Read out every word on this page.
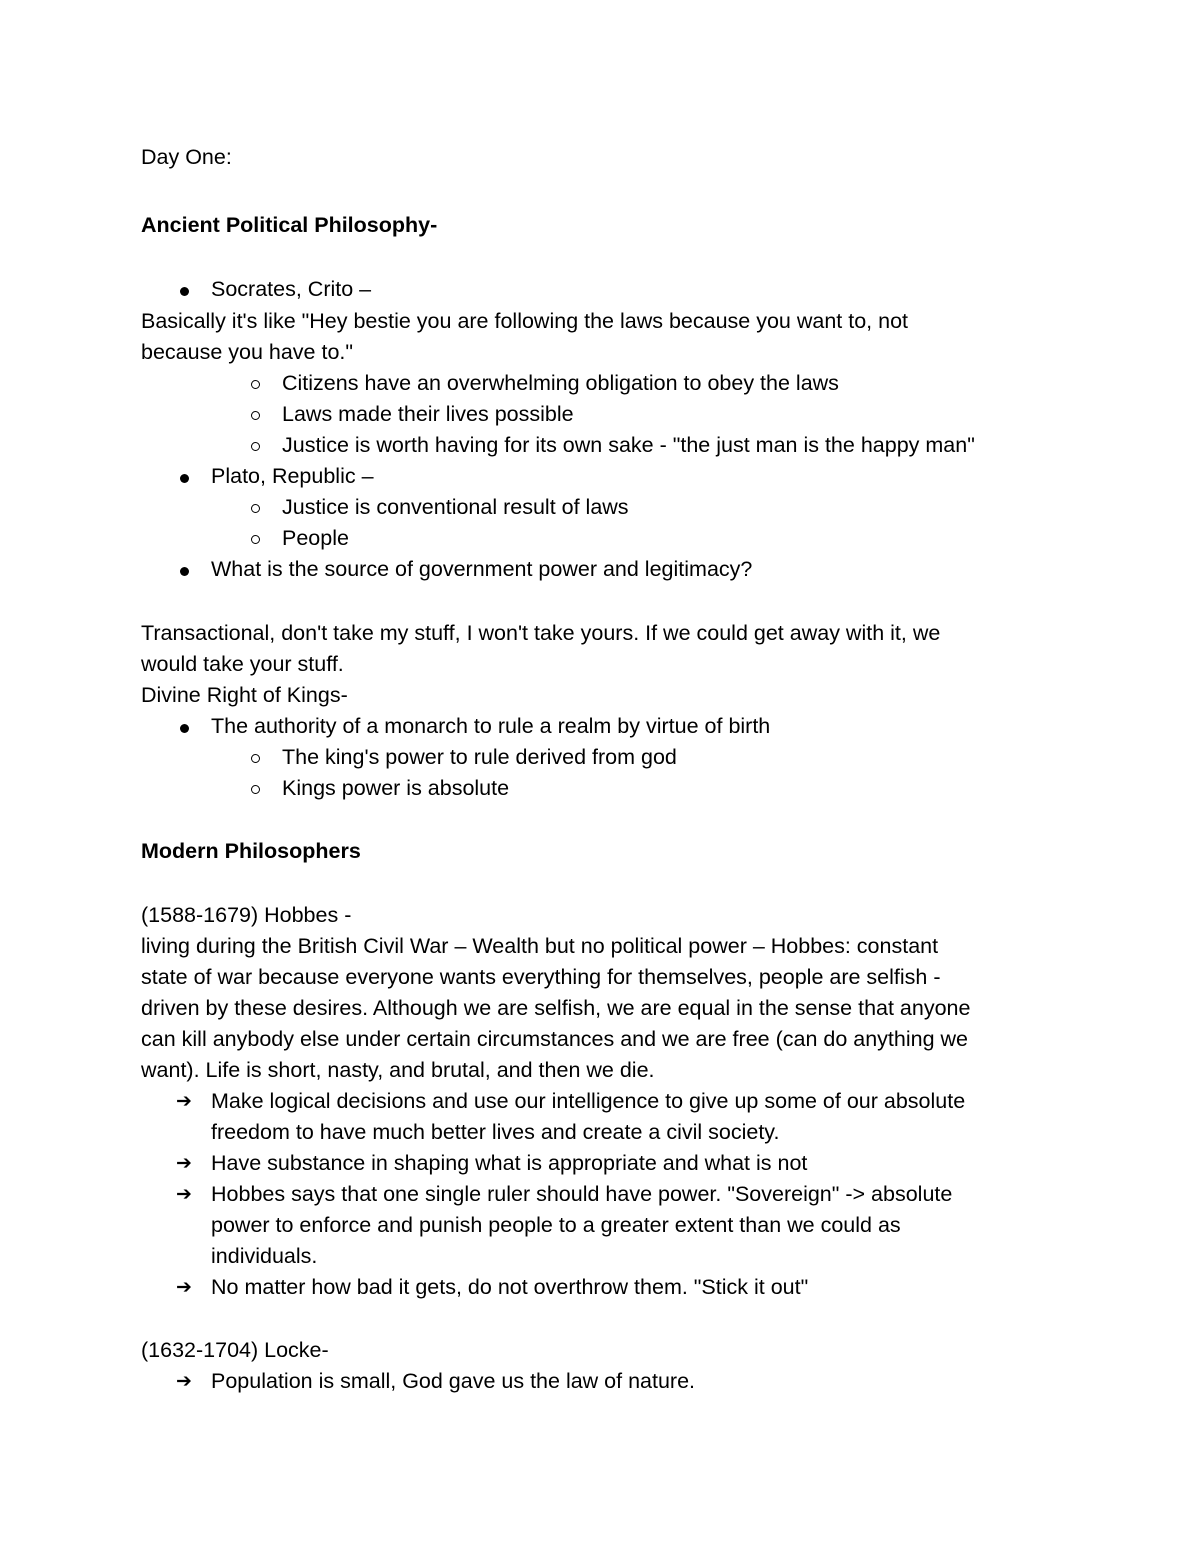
Day One:
Ancient Political Philosophy-
Socrates, Crito –
Basically it's like "Hey bestie you are following the laws because you want to, not
because you have to."
Citizens have an overwhelming obligation to obey the laws
Laws made their lives possible
Justice is worth having for its own sake - "the just man is the happy man"
Plato, Republic –
Justice is conventional result of laws
People
What is the source of government power and legitimacy?
Transactional, don't take my stuff, I won't take yours. If we could get away with it, we
would take your stuff.
Divine Right of Kings-
The authority of a monarch to rule a realm by virtue of birth
The king's power to rule derived from god
Kings power is absolute
Modern Philosophers
(1588-1679) Hobbes -
living during the British Civil War – Wealth but no political power – Hobbes: constant
state of war because everyone wants everything for themselves, people are selfish -
driven by these desires. Although we are selfish, we are equal in the sense that anyone
can kill anybody else under certain circumstances and we are free (can do anything we
want). Life is short, nasty, and brutal, and then we die.
➔ Make logical decisions and use our intelligence to give up some of our absolute
freedom to have much better lives and create a civil society.
➔ Have substance in shaping what is appropriate and what is not
➔ Hobbes says that one single ruler should have power. "Sovereign" -> absolute
power to enforce and punish people to a greater extent than we could as
individuals.
➔ No matter how bad it gets, do not overthrow them. "Stick it out"
(1632-1704) Locke-
➔ Population is small, God gave us the law of nature.
